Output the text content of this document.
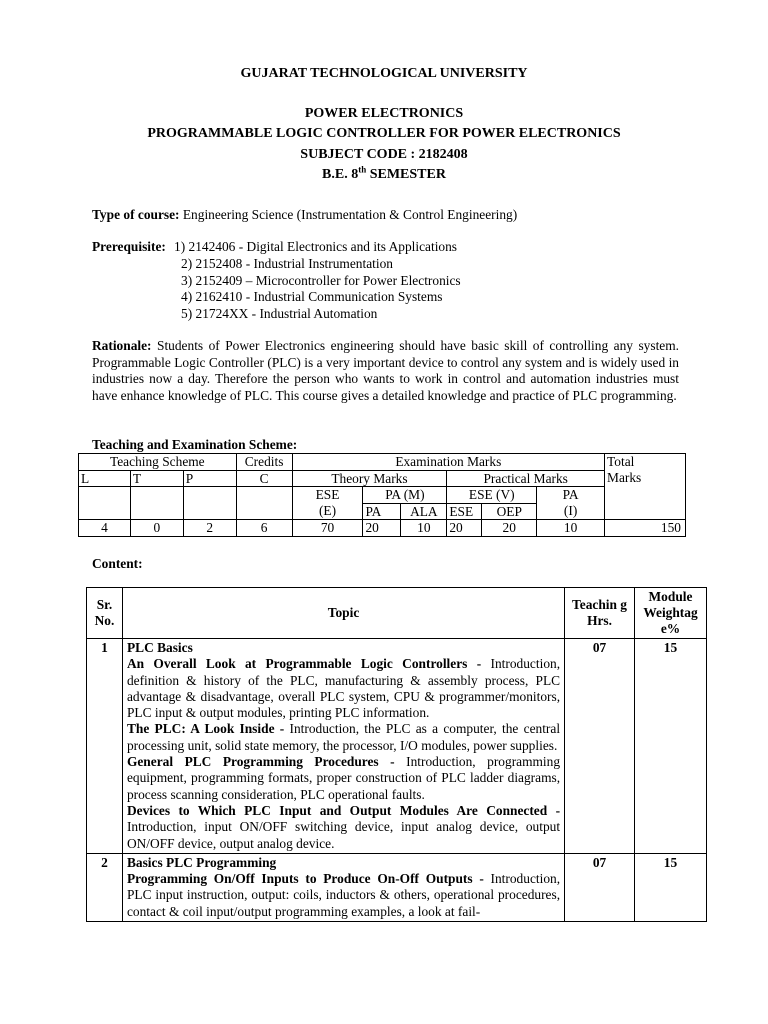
GUJARAT TECHNOLOGICAL UNIVERSITY
POWER ELECTRONICS
PROGRAMMABLE LOGIC CONTROLLER FOR POWER ELECTRONICS
SUBJECT CODE : 2182408
B.E. 8th SEMESTER
Type of course: Engineering Science (Instrumentation & Control Engineering)
Prerequisite: 1) 2142406 - Digital Electronics and its Applications
2) 2152408 - Industrial Instrumentation
3) 2152409 – Microcontroller for Power Electronics
4) 2162410 - Industrial Communication Systems
5) 21724XX - Industrial Automation

Rationale: Students of Power Electronics engineering should have basic skill of controlling any system. Programmable Logic Controller (PLC) is a very important device to control any system and is widely used in industries now a day. Therefore the person who wants to work in control and automation industries must have enhance knowledge of PLC. This course gives a detailed knowledge and practice of PLC programming.

Teaching and Examination Scheme:
Teaching Scheme			Credits	Examination Marks						Total
L	T	P	C	Theory Marks			Practical Marks			Marks
				ESE	PA (M)		ESE (V)		PA	
				(E)	PA	ALA	ESE	OEP	(I)	
4	0	2	6	70	20	10	20	20	10	150
Content:
Sr. No.	Topic	Teachin g Hrs.	Module Weightag e%
1	PLC Basics

An Overall Look at Programmable Logic Controllers - Introduction, definition & history of the PLC, manufacturing & assembly process, PLC advantage & disadvantage, overall PLC system, CPU & programmer/monitors, PLC input & output modules, printing PLC information.

The PLC: A Look Inside - Introduction, the PLC as a computer, the central processing unit, solid state memory, the processor, I/O modules, power supplies.

General PLC Programming Procedures - Introduction, programming equipment, programming formats, proper construction of PLC ladder diagrams, process scanning consideration, PLC operational faults.

Devices to Which PLC Input and Output Modules Are Connected - Introduction, input ON/OFF switching device, input analog device, output ON/OFF device, output analog device.	07	15
2	Basics PLC Programming

Programming On/Off Inputs to Produce On-Off Outputs - Introduction, PLC input instruction, output: coils, inductors & others, operational procedures, contact & coil input/output programming examples, a look at fail-	07	15
